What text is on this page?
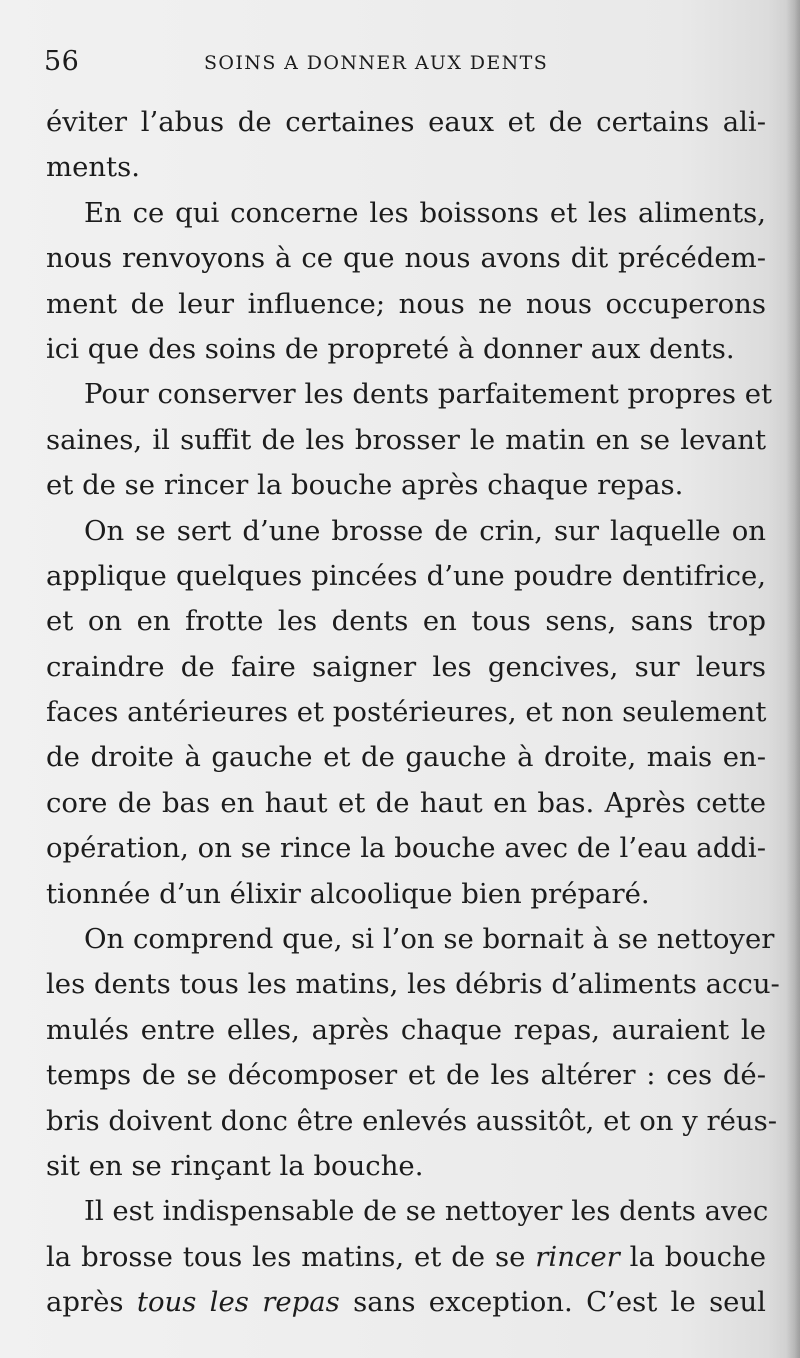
56	SOINS A DONNER AUX DENTS
éviter l’abus de certaines eaux et de certains ali-
ments.
En ce qui concerne les boissons et les aliments,
nous renvoyons à ce que nous avons dit précédem-
ment de leur influence; nous ne nous occuperons
ici que des soins de propreté à donner aux dents.
Pour conserver les dents parfaitement propres et
saines, il suffit de les brosser le matin en se levant
et de se rincer la bouche après chaque repas.
On se sert d’une brosse de crin, sur laquelle on
applique quelques pincées d’une poudre dentifrice,
et on en frotte les dents en tous sens, sans trop
craindre de faire saigner les gencives, sur leurs
faces antérieures et postérieures, et non seulement
de droite à gauche et de gauche à droite, mais en-
core de bas en haut et de haut en bas. Après cette
opération, on se rince la bouche avec de l’eau addi-
tionnée d’un élixir alcoolique bien préparé.
On comprend que, si l’on se bornait à se nettoyer
les dents tous les matins, les débris d’aliments accu-
mulés entre elles, après chaque repas, auraient le
temps de se décomposer et de les altérer : ces dé-
bris doivent donc être enlevés aussitôt, et on y réus-
sit en se rinçant la bouche.
Il est indispensable de se nettoyer les dents avec
la brosse tous les matins, et de se rincer la bouche
après tous les repas sans exception. C’est le seul
